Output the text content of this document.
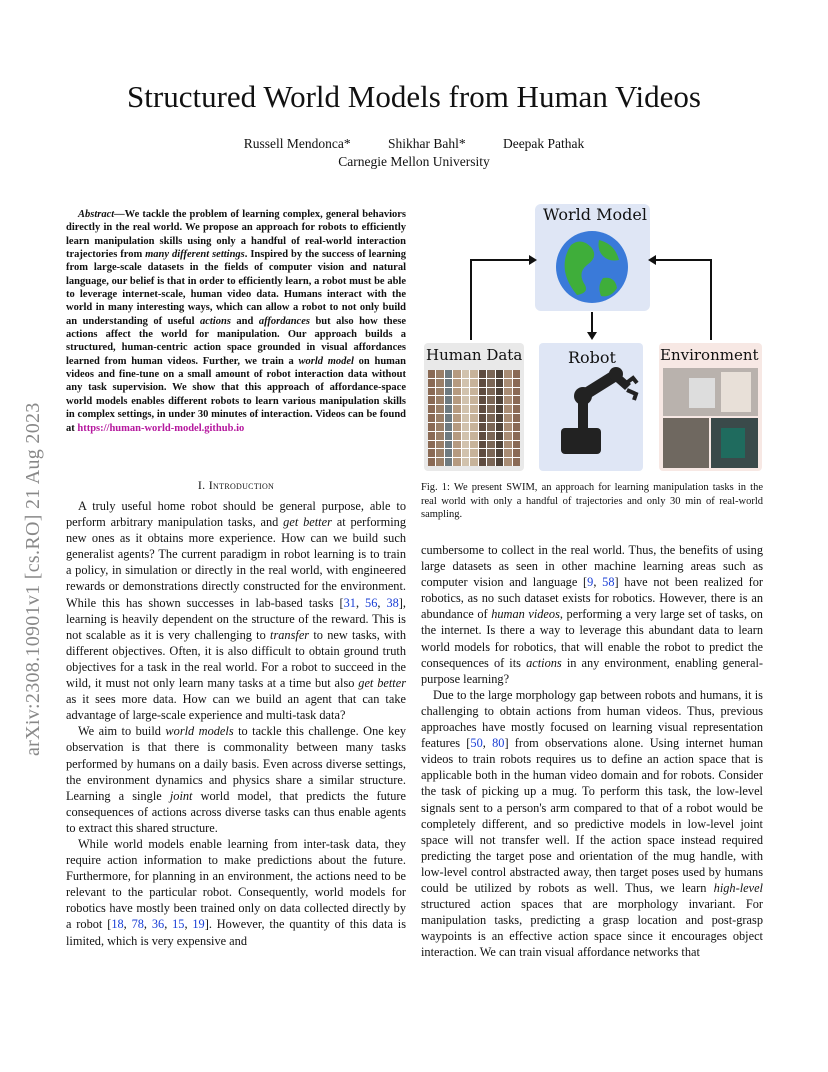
arXiv:2308.10901v1 [cs.RO] 21 Aug 2023
Structured World Models from Human Videos
Russell Mendonca*	Shikhar Bahl*	Deepak Pathak
Carnegie Mellon University
Abstract—We tackle the problem of learning complex, general behaviors directly in the real world. We propose an approach for robots to efficiently learn manipulation skills using only a handful of real-world interaction trajectories from many different settings. Inspired by the success of learning from large-scale datasets in the fields of computer vision and natural language, our belief is that in order to efficiently learn, a robot must be able to leverage internet-scale, human video data. Humans interact with the world in many interesting ways, which can allow a robot to not only build an understanding of useful actions and affordances but also how these actions affect the world for manipulation. Our approach builds a structured, human-centric action space grounded in visual affordances learned from human videos. Further, we train a world model on human videos and fine-tune on a small amount of robot interaction data without any task supervision. We show that this approach of affordance-space world models enables different robots to learn various manipulation skills in complex settings, in under 30 minutes of interaction. Videos can be found at https://human-world-model.github.io
I. Introduction

A truly useful home robot should be general purpose, able to perform arbitrary manipulation tasks, and get better at performing new ones as it obtains more experience. How can we build such generalist agents? The current paradigm in robot learning is to train a policy, in simulation or directly in the real world, with engineered rewards or demonstrations directly constructed for the environment. While this has shown successes in lab-based tasks [31, 56, 38], learning is heavily dependent on the structure of the reward. This is not scalable as it is very challenging to transfer to new tasks, with different objectives. Often, it is also difficult to obtain ground truth objectives for a task in the real world. For a robot to succeed in the wild, it must not only learn many tasks at a time but also get better as it sees more data. How can we build an agent that can take advantage of large-scale experience and multi-task data?

We aim to build world models to tackle this challenge. One key observation is that there is commonality between many tasks performed by humans on a daily basis. Even across diverse settings, the environment dynamics and physics share a similar structure. Learning a single joint world model, that predicts the future consequences of actions across diverse tasks can thus enable agents to extract this shared structure.

While world models enable learning from inter-task data, they require action information to make predictions about the future. Furthermore, for planning in an environment, the actions need to be relevant to the particular robot. Consequently, world models for robotics have mostly been trained only on data collected directly by a robot [18, 78, 36, 15, 19]. However, the quantity of this data is limited, which is very expensive and

World Model
Human Data	Robot	Environment
Fig. 1: We present SWIM, an approach for learning manipulation tasks in the real world with only a handful of trajectories and only 30 min of real-world sampling.

cumbersome to collect in the real world. Thus, the benefits of using large datasets as seen in other machine learning areas such as computer vision and language [9, 58] have not been realized for robotics, as no such dataset exists for robotics. However, there is an abundance of human videos, performing a very large set of tasks, on the internet. Is there a way to leverage this abundant data to learn world models for robotics, that will enable the robot to predict the consequences of its actions in any environment, enabling general-purpose learning?

Due to the large morphology gap between robots and humans, it is challenging to obtain actions from human videos. Thus, previous approaches have mostly focused on learning visual representation features [50, 80] from observations alone. Using internet human videos to train robots requires us to define an action space that is applicable both in the human video domain and for robots. Consider the task of picking up a mug. To perform this task, the low-level signals sent to a person's arm compared to that of a robot would be completely different, and so predictive models in low-level joint space will not transfer well. If the action space instead required predicting the target pose and orientation of the mug handle, with low-level control abstracted away, then target poses used by humans could be utilized by robots as well. Thus, we learn high-level structured action spaces that are morphology invariant. For manipulation tasks, predicting a grasp location and post-grasp waypoints is an effective action space since it encourages object interaction. We can train visual affordance networks that
